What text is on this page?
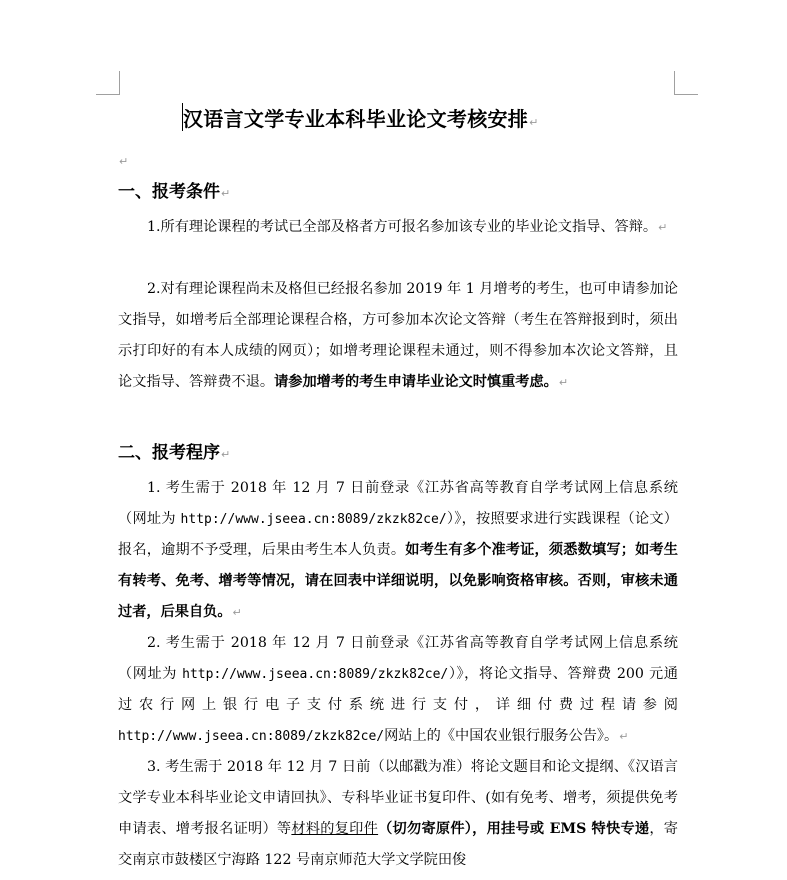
汉语言文学专业本科毕业论文考核安排↵
↵
一、报考条件↵

1.所有理论课程的考试已全部及格者方可报名参加该专业的毕业论文指导、答辩。↵

2.对有理论课程尚未及格但已经报名参加 2019 年 1 月增考的考生，也可申请参加论文指导，如增考后全部理论课程合格，方可参加本次论文答辩（考生在答辩报到时，须出示打印好的有本人成绩的网页）；如增考理论课程未通过，则不得参加本次论文答辩，且论文指导、答辩费不退。请参加增考的考生申请毕业论文时慎重考虑。↵

二、报考程序↵

1. 考生需于 2018 年 12 月 7 日前登录《江苏省高等教育自学考试网上信息系统（网址为 http://www.jseea.cn:8089/zkzk82ce/）》，按照要求进行实践课程（论文）报名，逾期不予受理，后果由考生本人负责。如考生有多个准考证，须悉数填写；如考生有转考、免考、增考等情况，请在回表中详细说明，以免影响资格审核。否则，审核未通过者，后果自负。↵

2. 考生需于 2018 年 12 月 7 日前登录《江苏省高等教育自学考试网上信息系统（网址为 http://www.jseea.cn:8089/zkzk82ce/）》，将论文指导、答辩费 200 元通过农行网上银行电子支付系统进行支付，详细付费过程请参阅 http://www.jseea.cn:8089/zkzk82ce/网站上的《中国农业银行服务公告》。↵

3. 考生需于 2018 年 12 月 7 日前（以邮戳为准）将论文题目和论文提纲、《汉语言文学专业本科毕业论文申请回执》、专科毕业证书复印件、(如有免考、增考，须提供免考申请表、增考报名证明）等材料的复印件（切勿寄原件），用挂号或 EMS 特快专递，寄交南京市鼓楼区宁海路 122 号南京师范大学文学院田俊
